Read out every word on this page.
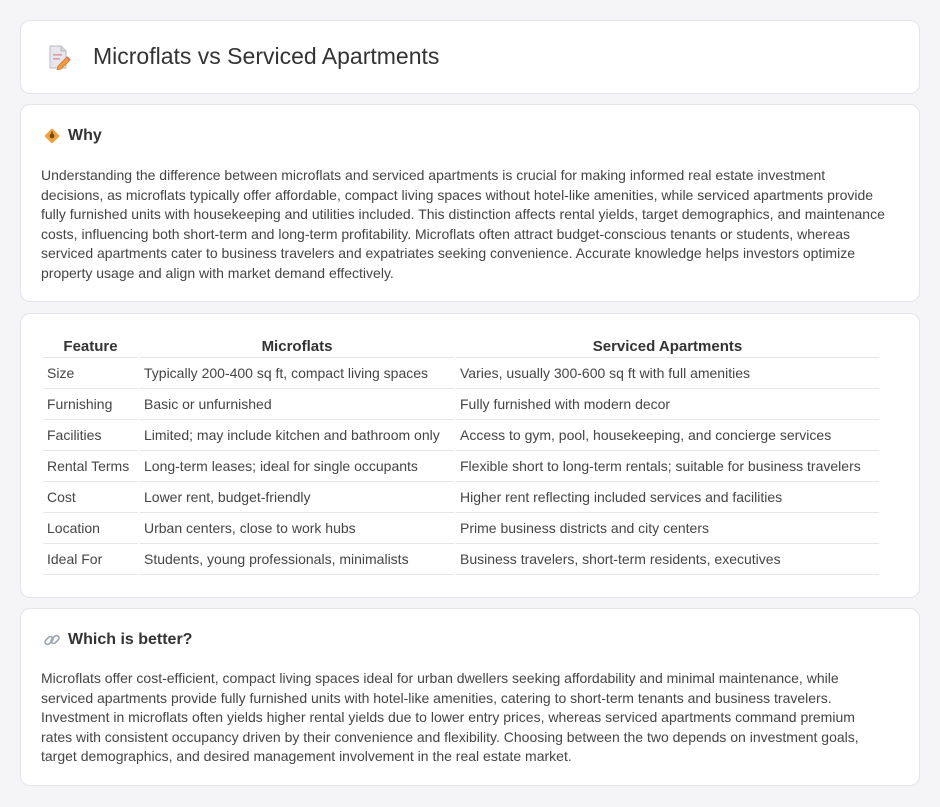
Microflats vs Serviced Apartments
Why

Understanding the difference between microflats and serviced apartments is crucial for making informed real estate investment decisions, as microflats typically offer affordable, compact living spaces without hotel-like amenities, while serviced apartments provide fully furnished units with housekeeping and utilities included. This distinction affects rental yields, target demographics, and maintenance costs, influencing both short-term and long-term profitability. Microflats often attract budget-conscious tenants or students, whereas serviced apartments cater to business travelers and expatriates seeking convenience. Accurate knowledge helps investors optimize property usage and align with market demand effectively.

Feature	Microflats	Serviced Apartments
Size	Typically 200-400 sq ft, compact living spaces	Varies, usually 300-600 sq ft with full amenities
Furnishing	Basic or unfurnished	Fully furnished with modern decor
Facilities	Limited; may include kitchen and bathroom only	Access to gym, pool, housekeeping, and concierge services
Rental Terms	Long-term leases; ideal for single occupants	Flexible short to long-term rentals; suitable for business travelers
Cost	Lower rent, budget-friendly	Higher rent reflecting included services and facilities
Location	Urban centers, close to work hubs	Prime business districts and city centers
Ideal For	Students, young professionals, minimalists	Business travelers, short-term residents, executives
Which is better?

Microflats offer cost-efficient, compact living spaces ideal for urban dwellers seeking affordability and minimal maintenance, while serviced apartments provide fully furnished units with hotel-like amenities, catering to short-term tenants and business travelers. Investment in microflats often yields higher rental yields due to lower entry prices, whereas serviced apartments command premium rates with consistent occupancy driven by their convenience and flexibility. Choosing between the two depends on investment goals, target demographics, and desired management involvement in the real estate market.
